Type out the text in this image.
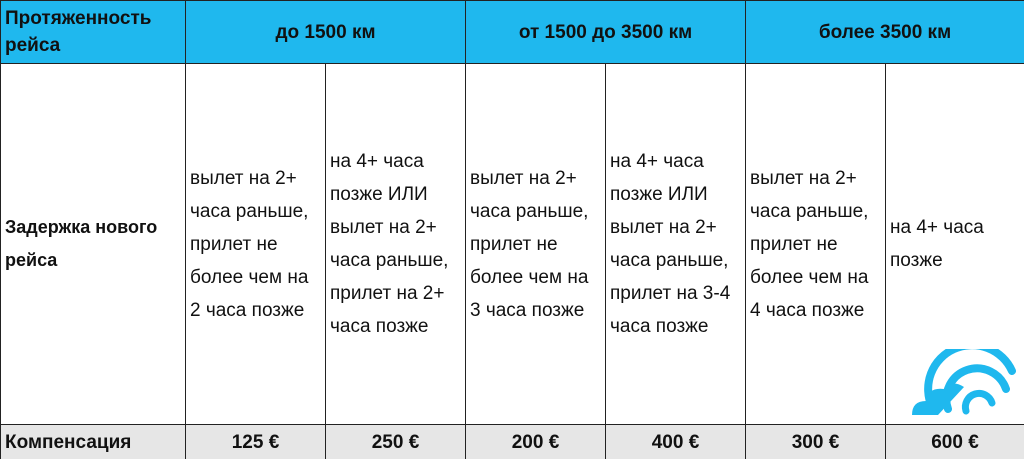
Протяженность рейса	до 1500 км		от 1500 до 3500 км		более 3500 км	
Задержка нового рейса	вылет на 2+ часа раньше, прилет не более чем на 2 часа позже	на 4+ часа позже ИЛИ вылет на 2+ часа раньше, прилет на 2+ часа позже	вылет на 2+ часа раньше, прилет не более чем на 3 часа позже	на 4+ часа позже ИЛИ вылет на 2+ часа раньше, прилет на 3-4 часа позже	вылет на 2+ часа раньше, прилет не более чем на 4 часа позже	на 4+ часа позже
Компенсация	125 €	250 €	200 €	400 €	300 €	600 €
